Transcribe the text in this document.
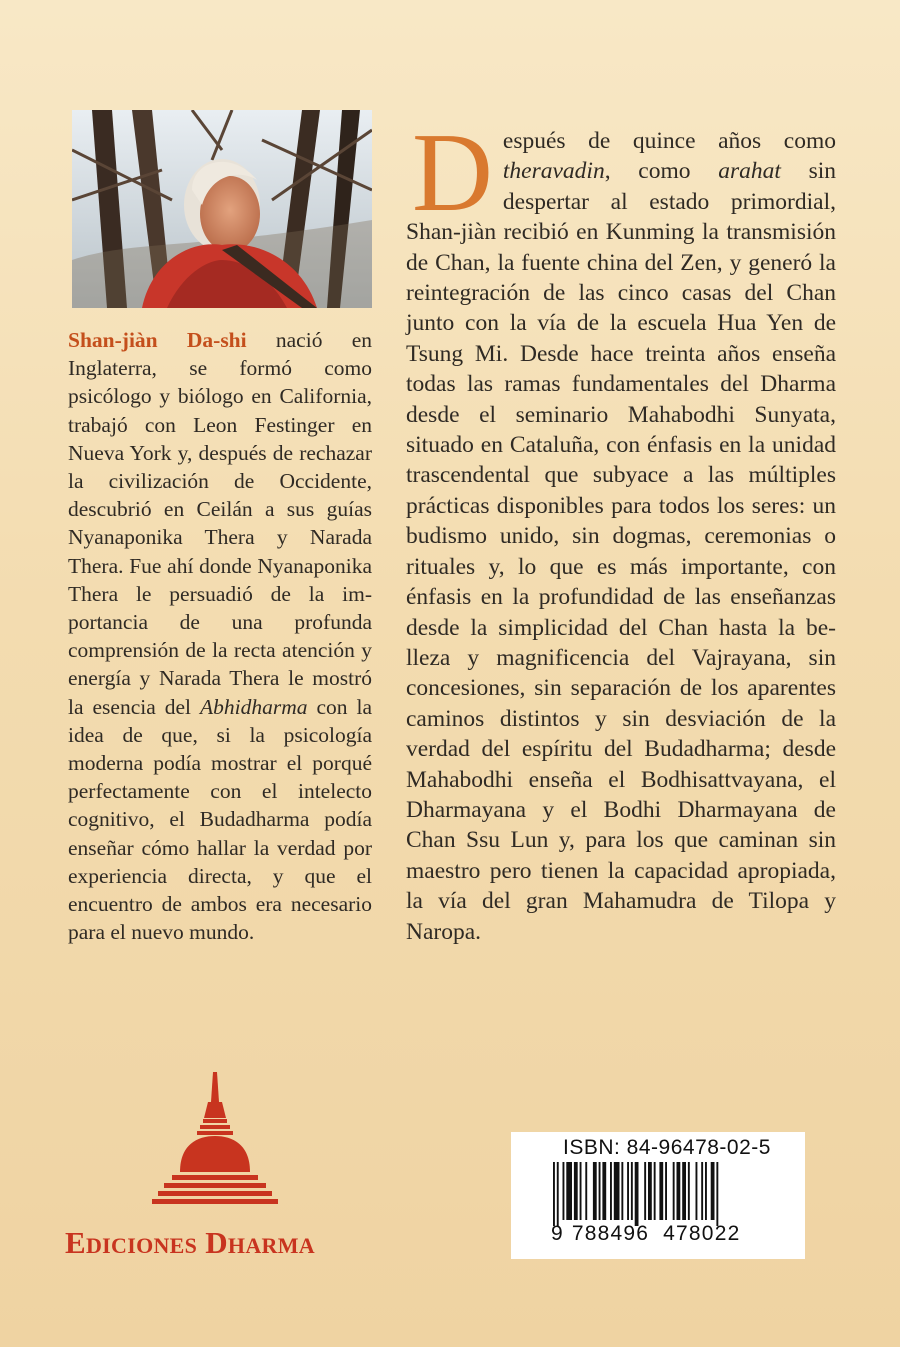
Shan-jiàn Da-shi nació en Inglaterra, se formó como psicólogo y biólogo en California, trabajó con Leon Festinger en Nueva York y, después de rechazar la civilización de Occidente, descubrió en Ceilán a sus guías Nyanaponika Thera y Narada Thera. Fue ahí donde Nyanaponika Thera le persuadió de la importancia de una profunda comprensión de la recta atención y energía y Narada Thera le mostró la esencia del Abhidharma con la idea de que, si la psicología moderna podía mostrar el porqué perfectamente con el intelecto cognitivo, el Budadharma podía enseñar cómo hallar la verdad por experiencia directa, y que el encuentro de ambos era necesario para el nuevo mundo.

Después de quince años como theravadin, como arahat sin despertar al estado primordial, Shan-jiàn recibió en Kunming la transmisión de Chan, la fuente china del Zen, y generó la reintegración de las cinco casas del Chan junto con la vía de la escuela Hua Yen de Tsung Mi. Desde hace treinta años enseña todas las ramas fundamentales del Dharma desde el seminario Mahabodhi Sunyata, situado en Cataluña, con énfasis en la unidad trascendental que subyace a las múltiples prácticas disponibles para todos los seres: un budismo unido, sin dogmas, ceremonias o rituales y, lo que es más importante, con énfasis en la profundidad de las enseñanzas desde la simplicidad del Chan hasta la belleza y magnificencia del Vajrayana, sin concesiones, sin separación de los aparentes caminos distintos y sin desviación de la verdad del espíritu del Budadharma; desde Mahabodhi enseña el Bodhisattvayana, el Dharmayana y el Bodhi Dharmayana de Chan Ssu Lun y, para los que caminan sin maestro pero tienen la capacidad apropiada, la vía del gran Mahamudra de Tilopa y Naropa.

Ediciones Dharma

ISBN: 84-96478-02-5
9 788496 478022
